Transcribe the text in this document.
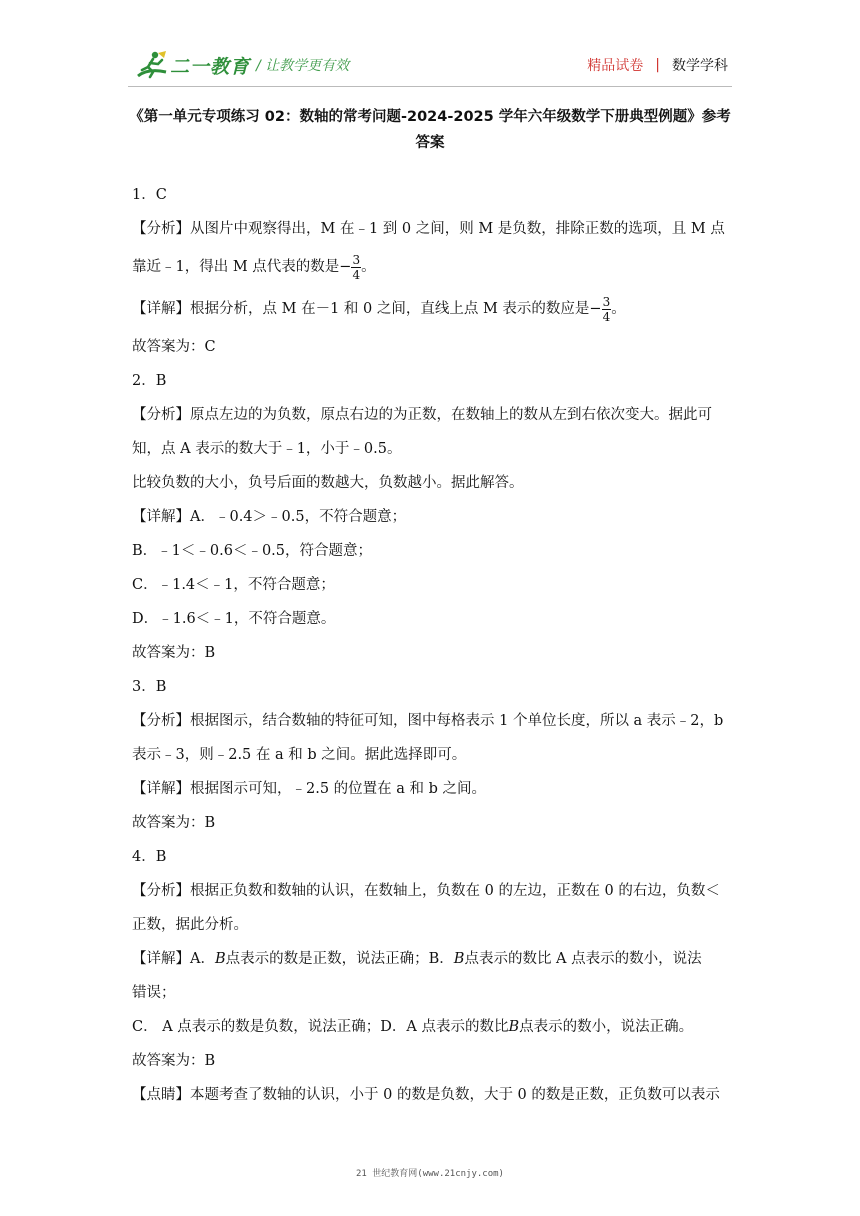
二一教育 / 让教学更有效	精品试卷 | 数学学科
《第一单元专项练习 02：数轴的常考问题-2024-2025 学年六年级数学下册典型例题》参考
答案
1．C
【分析】从图片中观察得出，M 在﹣1 到 0 之间，则 M 是负数，排除正数的选项，且 M 点
靠近﹣1，得出 M 点代表的数是− $\frac{3}{4}$ 。
【详解】根据分析，点 M 在－1 和 0 之间，直线上点 M 表示的数应是− $\frac{3}{4}$ 。
故答案为：C
2．B
【分析】原点左边的为负数，原点右边的为正数，在数轴上的数从左到右依次变大。据此可
知，点 A 表示的数大于﹣1，小于﹣0.5。
比较负数的大小，负号后面的数越大，负数越小。据此解答。
【详解】A．﹣0.4＞﹣0.5，不符合题意；
B．﹣1＜﹣0.6＜﹣0.5，符合题意；
C．﹣1.4＜﹣1，不符合题意；
D．﹣1.6＜﹣1，不符合题意。
故答案为：B
3．B
【分析】根据图示，结合数轴的特征可知，图中每格表示 1 个单位长度，所以 a 表示﹣2，b
表示﹣3，则﹣2.5 在 a 和 b 之间。据此选择即可。
【详解】根据图示可知，﹣2.5 的位置在 a 和 b 之间。
故答案为：B
4．B
【分析】根据正负数和数轴的认识，在数轴上，负数在 0 的左边，正数在 0 的右边，负数＜
正数，据此分析。
【详解】A．B点表示的数是正数，说法正确；B．B点表示的数比 A 点表示的数小，说法
错误；
C． A 点表示的数是负数，说法正确；D．A 点表示的数比B点表示的数小，说法正确。
故答案为：B
【点睛】本题考查了数轴的认识，小于 0 的数是负数，大于 0 的数是正数，正负数可以表示
21 世纪教育网(www.21cnjy.com)
